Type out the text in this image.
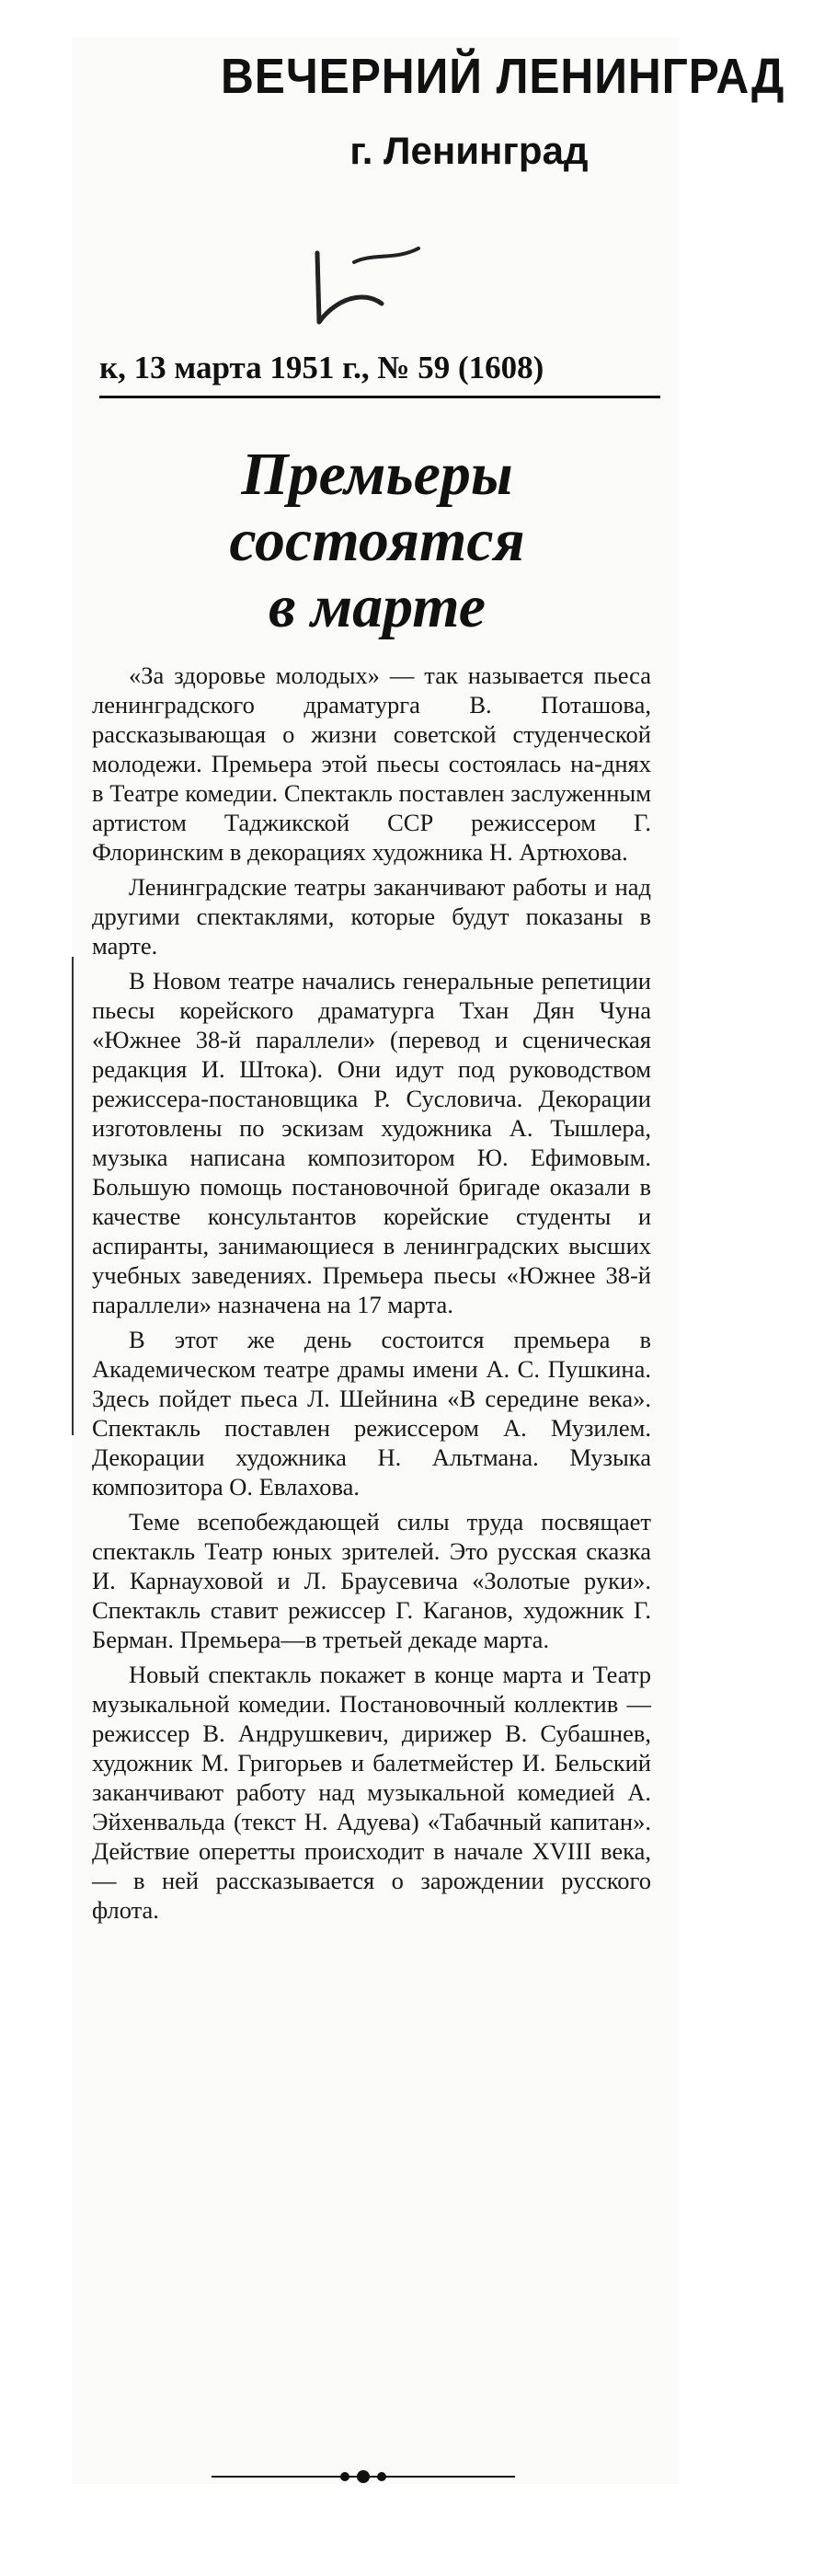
ВЕЧЕРНИЙ ЛЕНИНГРАД
г. Ленинград
к, 13 марта 1951 г., № 59 (1608)
Премьеры
состоятся
в марте

«За здоровье молодых» — так называется пьеса ленинградского драматурга В. Поташова, рассказывающая о жизни советской студенческой молодежи. Премьера этой пьесы состоялась на-днях в Театре комедии. Спектакль поставлен заслуженным артистом Таджикской ССР режиссером Г. Флоринским в декорациях художника Н. Артюхова.

Ленинградские театры заканчивают работы и над другими спектаклями, которые будут показаны в марте.

В Новом театре начались генеральные репетиции пьесы корейского драматурга Тхан Дян Чуна «Южнее 38-й параллели» (перевод и сценическая редакция И. Штока). Они идут под руководством режиссера-постановщика Р. Сусловича. Декорации изготовлены по эскизам художника А. Тышлера, музыка написана композитором Ю. Ефимовым. Большую помощь постановочной бригаде оказали в качестве консультантов корейские студенты и аспиранты, занимающиеся в ленинградских высших учебных заведениях. Премьера пьесы «Южнее 38-й параллели» назначена на 17 марта.

В этот же день состоится премьера в Академическом театре драмы имени А. С. Пушкина. Здесь пойдет пьеса Л. Шейнина «В середине века». Спектакль поставлен режиссером А. Музилем. Декорации художника Н. Альтмана. Музыка композитора О. Евлахова.

Теме всепобеждающей силы труда посвящает спектакль Театр юных зрителей. Это русская сказка И. Карнауховой и Л. Браусевича «Золотые руки». Спектакль ставит режиссер Г. Каганов, художник Г. Берман. Премьера—в третьей декаде марта.

Новый спектакль покажет в конце марта и Театр музыкальной комедии. Постановочный коллектив — режиссер В. Андрушкевич, дирижер В. Субашнев, художник М. Григорьев и балетмейстер И. Бельский заканчивают работу над музыкальной комедией А. Эйхенвальда (текст Н. Адуева) «Табачный капитан». Действие оперетты происходит в начале XVIII века, — в ней рассказывается о зарождении русского флота.
